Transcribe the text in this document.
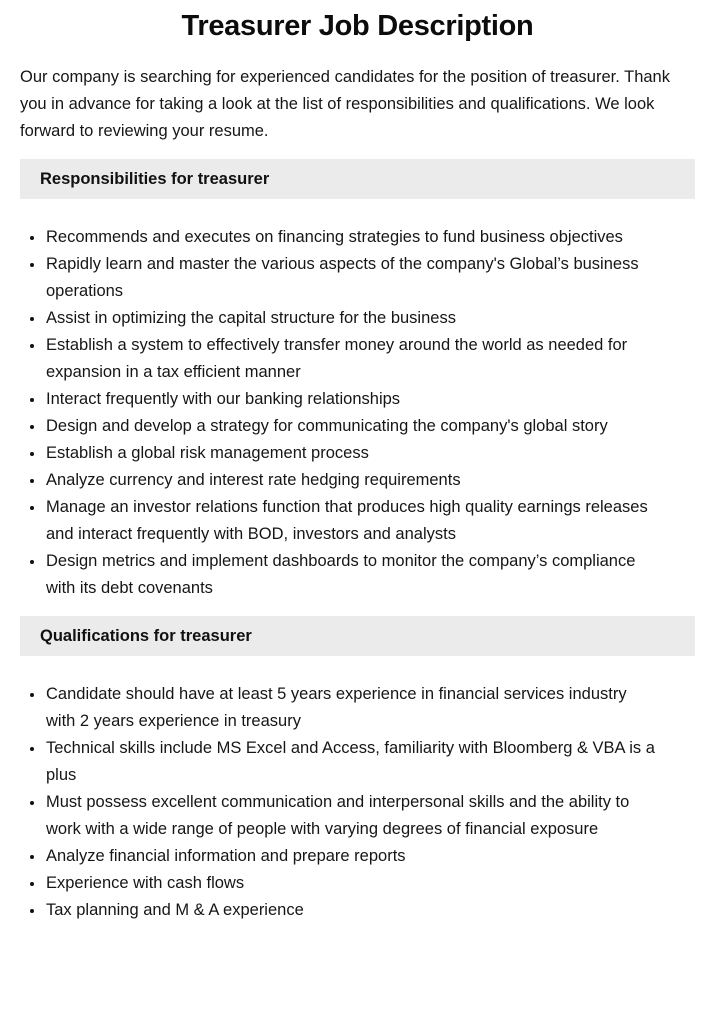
Treasurer Job Description

Our company is searching for experienced candidates for the position of treasurer. Thank you in advance for taking a look at the list of responsibilities and qualifications. We look forward to reviewing your resume.

Responsibilities for treasurer
• Recommends and executes on financing strategies to fund business objectives
• Rapidly learn and master the various aspects of the company's Global’s business operations
• Assist in optimizing the capital structure for the business
• Establish a system to effectively transfer money around the world as needed for expansion in a tax efficient manner
• Interact frequently with our banking relationships
• Design and develop a strategy for communicating the company's global story
• Establish a global risk management process
• Analyze currency and interest rate hedging requirements
• Manage an investor relations function that produces high quality earnings releases and interact frequently with BOD, investors and analysts
• Design metrics and implement dashboards to monitor the company’s compliance with its debt covenants
Qualifications for treasurer
• Candidate should have at least 5 years experience in financial services industry with 2 years experience in treasury
• Technical skills include MS Excel and Access, familiarity with Bloomberg & VBA is a plus
• Must possess excellent communication and interpersonal skills and the ability to work with a wide range of people with varying degrees of financial exposure
• Analyze financial information and prepare reports
• Experience with cash flows
• Tax planning and M & A experience
